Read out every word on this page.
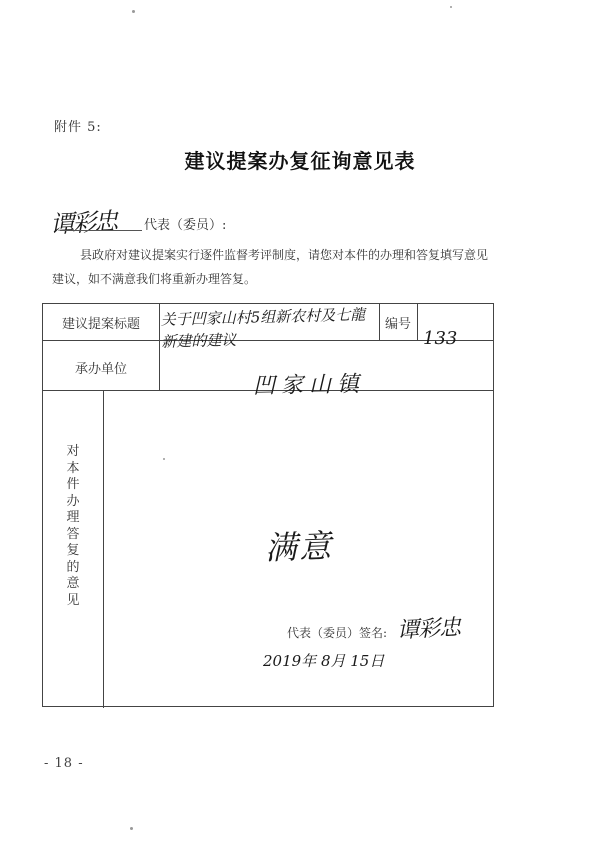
附件 5:
建议提案办复征询意见表
谭彩忠 代表（委员）:
县政府对建议提案实行逐件监督考评制度，请您对本件的办理和答复填写意见建议，如不满意我们将重新办理答复。
建议提案标题	关于凹家山村5组新农村及七龍新建的建议
编号
133
承办单位
凹家山镇
对本件办理答复的意见
满意
代表（委员）签名: 谭彩忠
2019年 8月 15日
- 18 -
